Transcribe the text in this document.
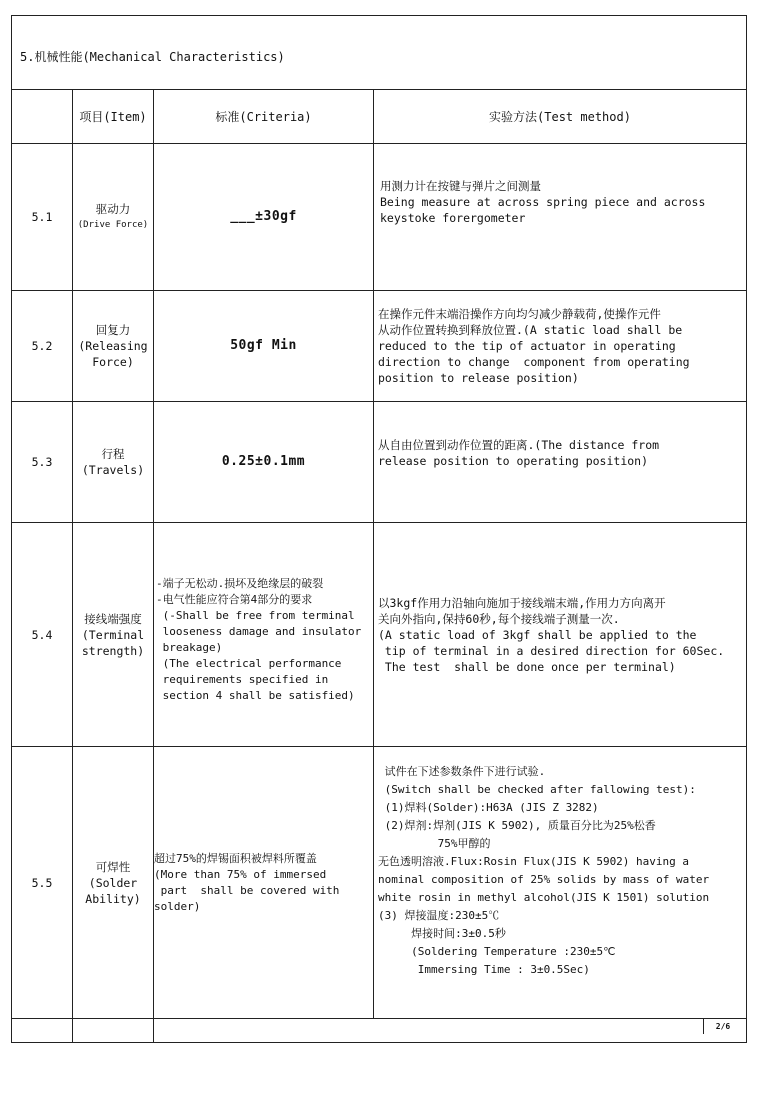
5.机械性能(Mechanical Characteristics)
项目(Item)	标准(Criteria)	实验方法(Test method)
5.1
驱动力
(Drive Force)
___±30gf
用测力计在按键与弹片之间测量
Being measure at across spring piece and across
keystoke forergometer
5.2
回复力
(Releasing
Force)
50gf Min
在操作元件末端沿操作方向均匀减少静载荷,使操作元件
从动作位置转换到释放位置.(A static load shall be
reduced to the tip of actuator in operating
direction to change  component from operating
position to release position)
5.3
行程
(Travels)
0.25±0.1mm
从自由位置到动作位置的距离.(The distance from
release position to operating position)
5.4
接线端强度
(Terminal
strength)
-端子无松动.损坏及绝缘层的破裂
-电气性能应符合第4部分的要求
(-Shall be free from terminal
looseness damage and insulator
breakage)
(The electrical performance
requirements specified in
section 4 shall be satisfied)
以3kgf作用力沿轴向施加于接线端末端,作用力方向离开
关向外指向,保持60秒,每个接线端子测量一次.
(A static load of 3kgf shall be applied to the
tip of terminal in a desired direction for 60Sec.
The test  shall be done once per terminal)
5.5
可焊性
(Solder
Ability)
超过75%的焊锡面积被焊料所覆盖
(More than 75% of immersed
part  shall be covered with
solder)
试件在下述参数条件下进行试验.
(Switch shall be checked after fallowing test):
(1)焊料(Solder):H63A (JIS Z 3282)
(2)焊剂:焊剂(JIS K 5902), 质量百分比为25%松香
75%甲醇的
无色透明溶液.Flux:Rosin Flux(JIS K 5902) having a
nominal composition of 25% solids by mass of water
white rosin in methyl alcohol(JIS K 1501) solution
(3) 焊接温度:230±5℃
焊接时间:3±0.5秒
(Soldering Temperature :230±5℃
Immersing Time : 3±0.5Sec)
2/6
